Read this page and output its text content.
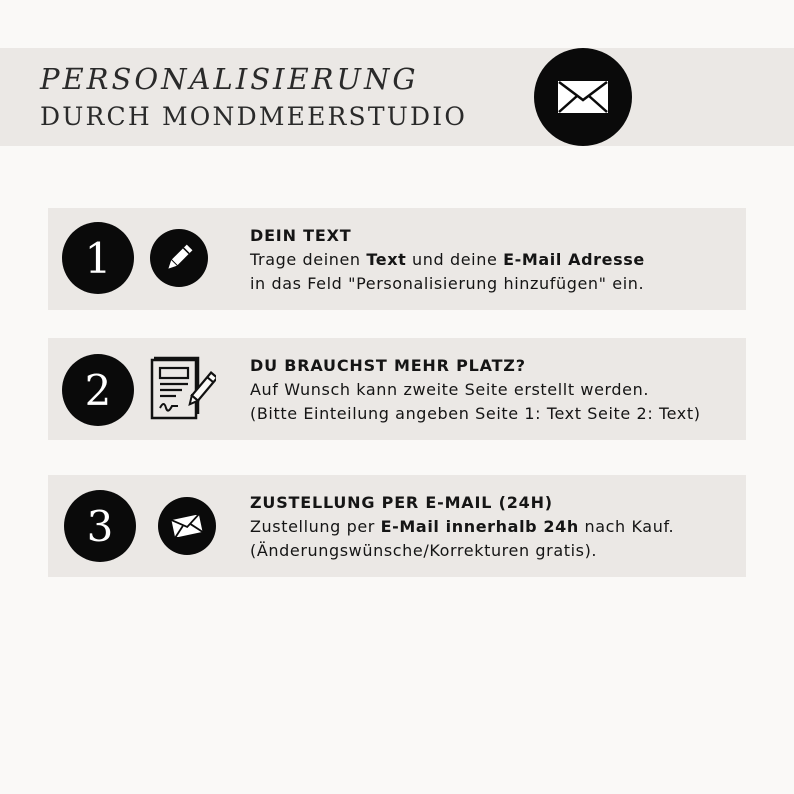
PERSONALISIERUNG
DURCH MONDMEERSTUDIO
1	DEIN TEXT
Trage deinen Text und deine E-Mail Adresse
in das Feld "Personalisierung hinzufügen" ein.
2	DU BRAUCHST MEHR PLATZ?
Auf Wunsch kann zweite Seite erstellt werden.
(Bitte Einteilung angeben Seite 1: Text Seite 2: Text)
3	ZUSTELLUNG PER E-MAIL (24H)
Zustellung per E-Mail innerhalb 24h nach Kauf.
(Änderungswünsche/Korrekturen gratis).
